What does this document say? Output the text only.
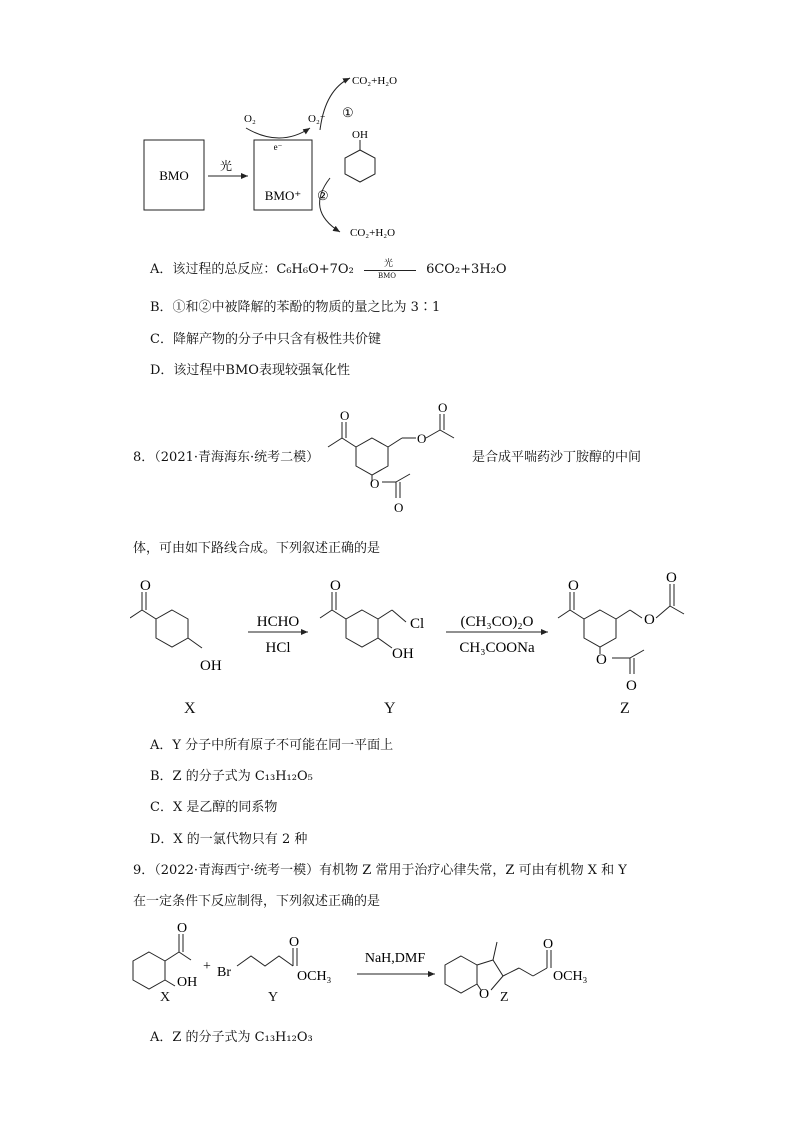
BMO
光
BMO⁺
O₂	O₂⁻
e⁻
OH
①
CO₂+H₂O
②
CO₂+H₂O
A．该过程的总反应：C₆H₆O+7O₂	光
BMO 6CO₂+3H₂O
B．①和②中被降解的苯酚的物质的量之比为 3∶1
C．降解产物的分子中只含有极性共价键
D．该过程中BMO表现较强氧化性
8．（2021·青海海东·统考二模）
O
O
O
O
O
是合成平喘药沙丁胺醇的中间
体，可由如下路线合成。下列叙述正确的是
O
OH
HCHO
HCl
O
Cl
OH
(CH₃CO)₂O
CH₃COONa
O
O
O
O
O
X	Y	Z
A．Y 分子中所有原子不可能在同一平面上
B．Z 的分子式为 C₁₃H₁₂O₅
C．X 是乙醇的同系物
D．X 的一氯代物只有 2 种
9．（2022·青海西宁·统考一模）有机物 Z 常用于治疗心律失常，Z 可由有机物 X 和 Y
在一定条件下反应制得，下列叙述正确的是
O
OH
+ Br
O
OCH₃
NaH,DMF
O
O
OCH₃
X	Y	Z
A．Z 的分子式为 C₁₃H₁₂O₃
